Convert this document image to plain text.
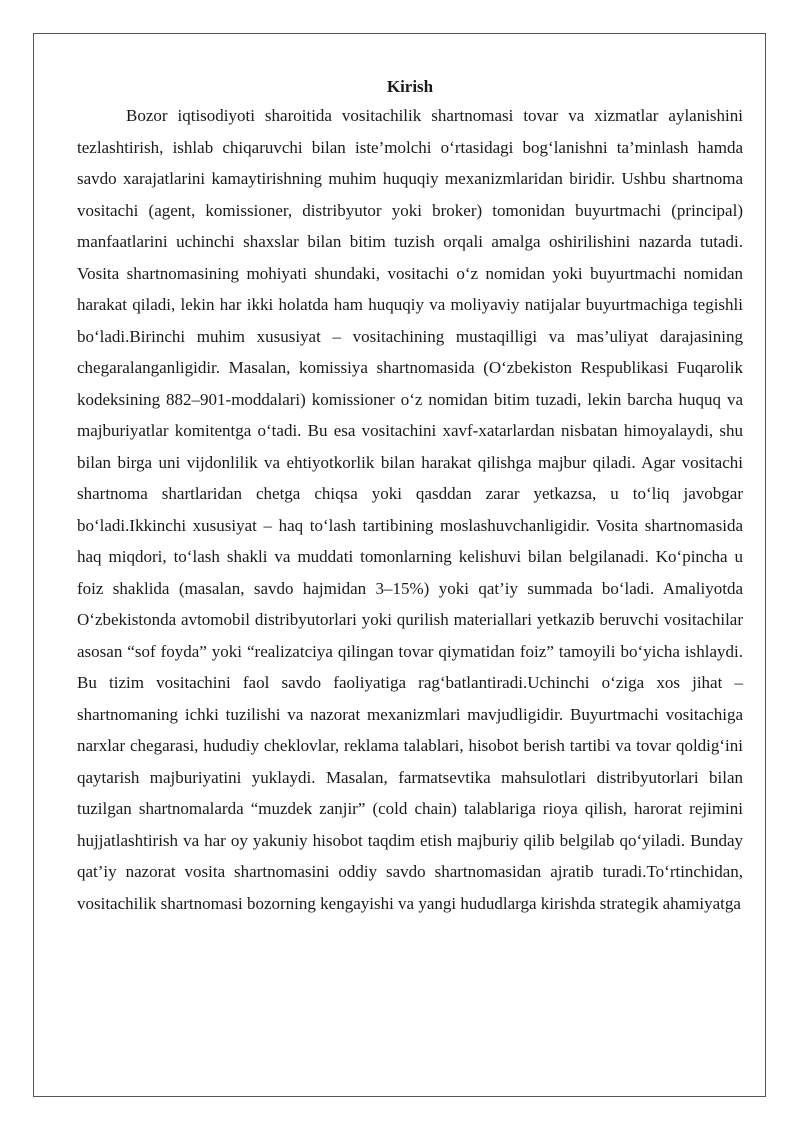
Kirish

Bozor iqtisodiyoti sharoitida vositachilik shartnomasi tovar va xizmatlar aylanishini tezlashtirish, ishlab chiqaruvchi bilan iste’molchi o‘rtasidagi bog‘lanishni ta’minlash hamda savdo xarajatlarini kamaytirishning muhim huquqiy mexanizmlaridan biridir. Ushbu shartnoma vositachi (agent, komissioner, distribyutor yoki broker) tomonidan buyurtmachi (principal) manfaatlarini uchinchi shaxslar bilan bitim tuzish orqali amalga oshirilishini nazarda tutadi. Vosita shartnomasining mohiyati shundaki, vositachi o‘z nomidan yoki buyurtmachi nomidan harakat qiladi, lekin har ikki holatda ham huquqiy va moliyaviy natijalar buyurtmachiga tegishli bo‘ladi.Birinchi muhim xususiyat – vositachining mustaqilligi va mas’uliyat darajasining chegaralanganligidir. Masalan, komissiya shartnomasida (O‘zbekiston Respublikasi Fuqarolik kodeksining 882–901-moddalari) komissioner o‘z nomidan bitim tuzadi, lekin barcha huquq va majburiyatlar komitentga o‘tadi. Bu esa vositachini xavf-xatarlardan nisbatan himoyalaydi, shu bilan birga uni vijdonlilik va ehtiyotkorlik bilan harakat qilishga majbur qiladi. Agar vositachi shartnoma shartlaridan chetga chiqsa yoki qasddan zarar yetkazsa, u to‘liq javobgar bo‘ladi.Ikkinchi xususiyat – haq to‘lash tartibining moslashuvchanligidir. Vosita shartnomasida haq miqdori, to‘lash shakli va muddati tomonlarning kelishuvi bilan belgilanadi. Ko‘pincha u foiz shaklida (masalan, savdo hajmidan 3–15%) yoki qat’iy summada bo‘ladi. Amaliyotda O‘zbekistonda avtomobil distribyutorlari yoki qurilish materiallari yetkazib beruvchi vositachilar asosan “sof foyda” yoki “realizatciya qilingan tovar qiymatidan foiz” tamoyili bo‘yicha ishlaydi. Bu tizim vositachini faol savdo faoliyatiga rag‘batlantiradi.Uchinchi o‘ziga xos jihat – shartnomaning ichki tuzilishi va nazorat mexanizmlari mavjudligidir. Buyurtmachi vositachiga narxlar chegarasi, hududiy cheklovlar, reklama talablari, hisobot berish tartibi va tovar qoldig‘ini qaytarish majburiyatini yuklaydi. Masalan, farmatsevtika mahsulotlari distribyutorlari bilan tuzilgan shartnomalarda “muzdek zanjir” (cold chain) talablariga rioya qilish, harorat rejimini hujjatlashtirish va har oy yakuniy hisobot taqdim etish majburiy qilib belgilab qo‘yiladi. Bunday qat’iy nazorat vosita shartnomasini oddiy savdo shartnomasidan ajratib turadi.To‘rtinchidan, vositachilik shartnomasi bozorning kengayishi va yangi hududlarga kirishda strategik ahamiyatga
